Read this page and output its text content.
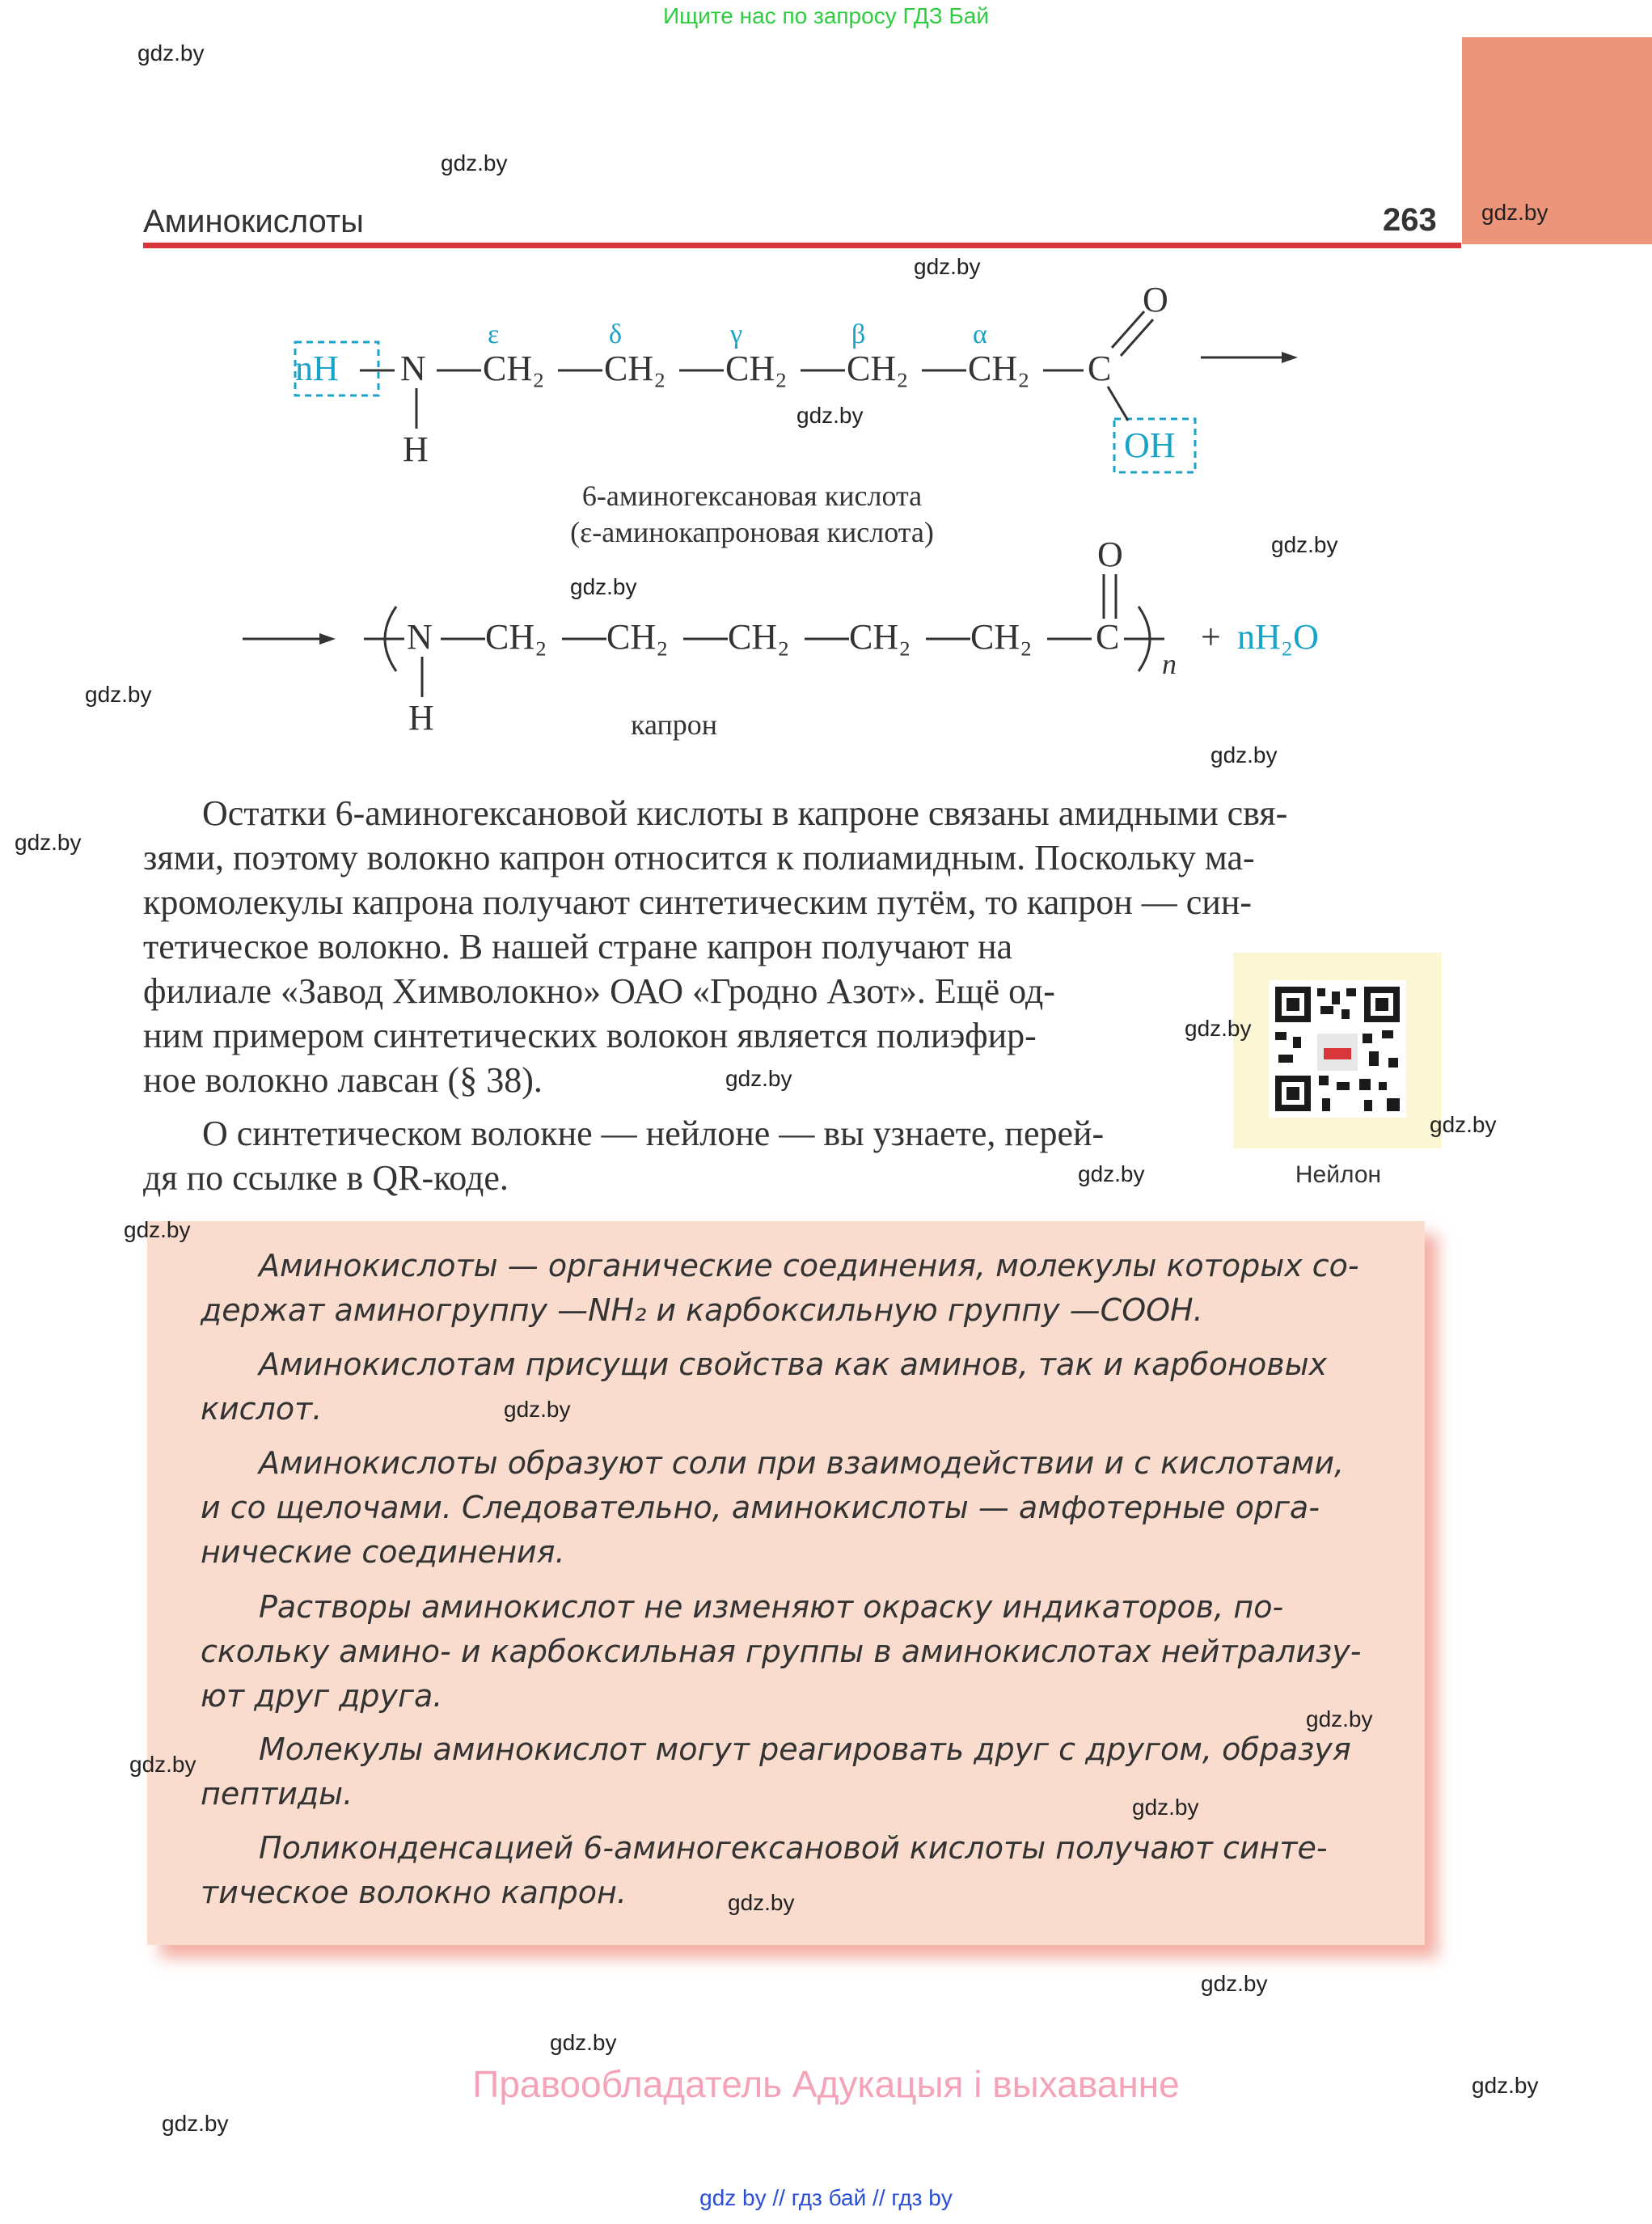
Ищите нас по запросу ГДЗ Бай
Аминокислоты	263
nH N
H
CH₂ CH₂ CH₂ CH₂ CH₂ C
O
OH
ε	δ	γ	β	α
6-аминогексановая кислота
(ε-аминокапроновая кислота)
N
H
CH₂ CH₂ CH₂ CH₂ CH₂ C
O
n
+ nH₂O
капрон
Остатки 6-аминогексановой кислоты в капроне связаны амидными свя-
зями, поэтому волокно капрон относится к полиамидным. Поскольку ма-
кромолекулы капрона получают синтетическим путём, то капрон — син-
тетическое волокно. В нашей стране капрон получают на
филиале «Завод Химволокно» ОАО «Гродно Азот». Ещё од-
ним примером синтетических волокон является полиэфир-
ное волокно лавсан (§ 38).
О синтетическом волокне — нейлоне — вы узнаете, перей-
дя по ссылке в QR-коде.	Нейлон
Аминокислоты — органические соединения, молекулы которых со-
держат аминогруппу —NH₂ и карбоксильную группу —COOH.
Аминокислотам присущи свойства как аминов, так и карбоновых
кислот.
Аминокислоты образуют соли при взаимодействии и с кислотами,
и со щелочами. Следовательно, аминокислоты — амфотерные орга-
нические соединения.
Растворы аминокислот не изменяют окраску индикаторов, по-
скольку амино- и карбоксильная группы в аминокислотах нейтрализу-
ют друг друга.
Молекулы аминокислот могут реагировать друг с другом, образуя
пептиды.
Поликонденсацией 6-аминогексановой кислоты получают синте-
тическое волокно капрон.
gdz.by
gdz.by
gdz.by
gdz.by
gdz.by
gdz.by
gdz.by
gdz.by
gdz.by
gdz.by
gdz.by
gdz.by
gdz.by
gdz.by
gdz.by
gdz.by
gdz.by
gdz.by
gdz.by
gdz.by
gdz.by
gdz.by
gdz.by
gdz.by
Правообладатель Адукацыя і выхаванне
gdz by // гдз бай // гдз by
